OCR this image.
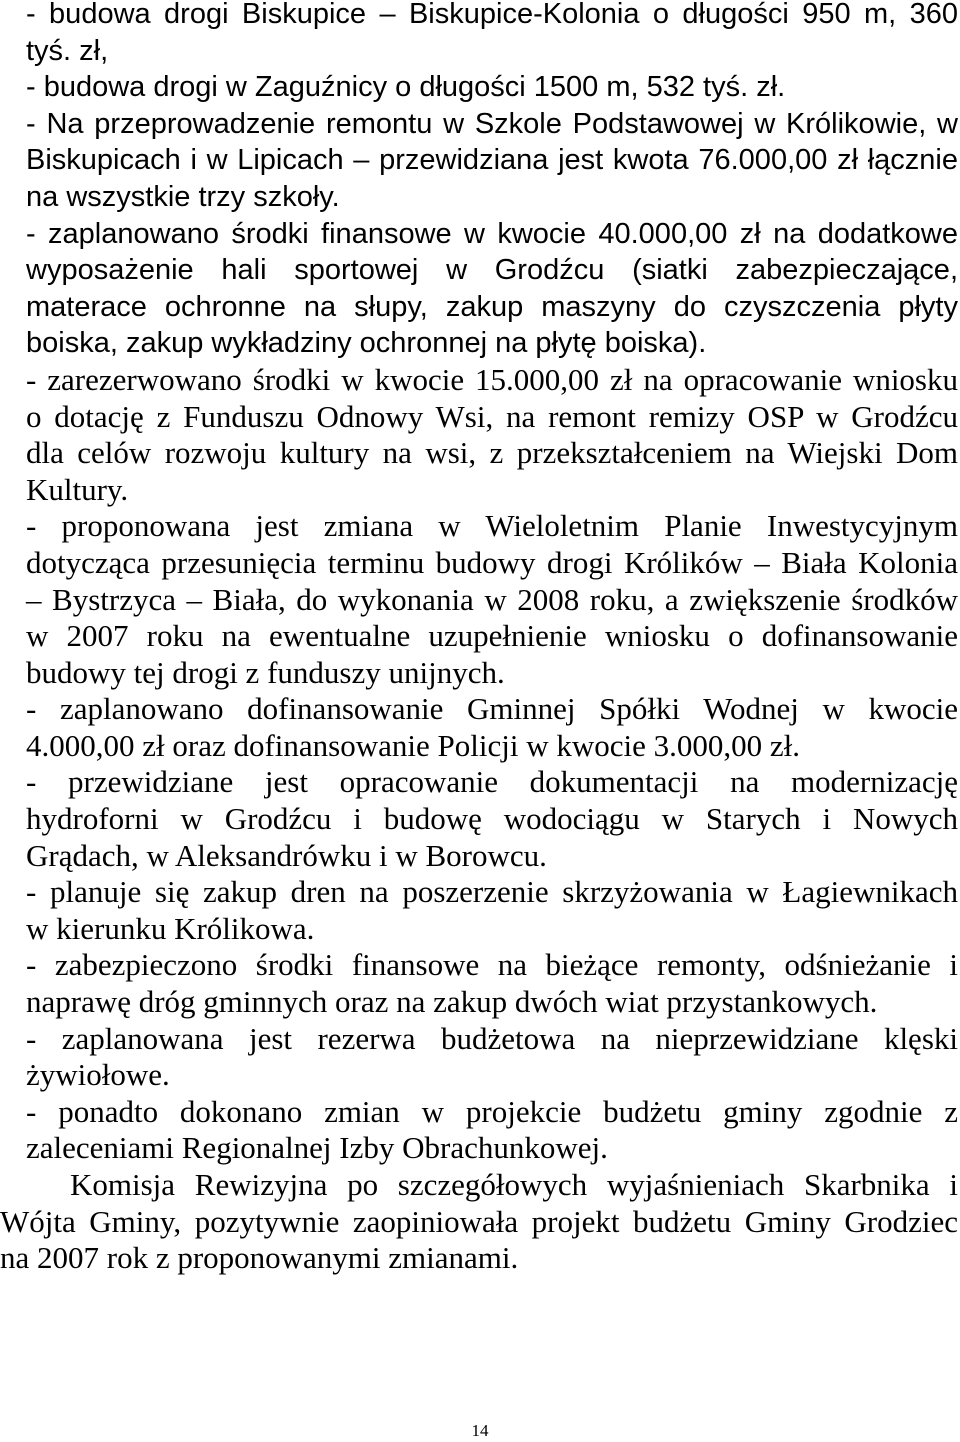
- budowa drogi Biskupice – Biskupice-Kolonia o długości 950 m, 360
tyś. zł,
- budowa drogi w Zaguźnicy o długości 1500 m, 532 tyś. zł.
- Na przeprowadzenie remontu w Szkole Podstawowej w Królikowie, w
Biskupicach i w Lipicach – przewidziana jest kwota 76.000,00 zł łącznie
na wszystkie trzy szkoły.
- zaplanowano środki finansowe w kwocie 40.000,00 zł na dodatkowe
wyposażenie hali sportowej w Grodźcu (siatki zabezpieczające,
materace ochronne na słupy, zakup maszyny do czyszczenia płyty
boiska, zakup wykładziny ochronnej na płytę boiska).
- zarezerwowano środki w kwocie 15.000,00 zł na opracowanie wniosku
o dotację z Funduszu Odnowy Wsi, na remont remizy OSP w Grodźcu
dla celów rozwoju kultury na wsi, z przekształceniem na Wiejski Dom
Kultury.
- proponowana jest zmiana w Wieloletnim Planie Inwestycyjnym
dotycząca przesunięcia terminu budowy drogi Królików – Biała Kolonia
– Bystrzyca – Biała, do wykonania w 2008 roku, a zwiększenie środków
w 2007 roku na ewentualne uzupełnienie wniosku o dofinansowanie
budowy tej drogi z funduszy unijnych.
- zaplanowano dofinansowanie Gminnej Spółki Wodnej w kwocie
4.000,00 zł oraz dofinansowanie Policji w kwocie 3.000,00 zł.
- przewidziane jest opracowanie dokumentacji na modernizację
hydroforni w Grodźcu i budowę wodociągu w Starych i Nowych
Grądach, w Aleksandrówku i w Borowcu.
- planuje się zakup dren na poszerzenie skrzyżowania w Łagiewnikach
w kierunku Królikowa.
- zabezpieczono środki finansowe na bieżące remonty, odśnieżanie i
naprawę dróg gminnych oraz na zakup dwóch wiat przystankowych.
- zaplanowana jest rezerwa budżetowa na nieprzewidziane klęski
żywiołowe.
- ponadto dokonano zmian w projekcie budżetu gminy zgodnie z
zaleceniami Regionalnej Izby Obrachunkowej.
Komisja Rewizyjna po szczegółowych wyjaśnieniach Skarbnika i
Wójta Gminy, pozytywnie zaopiniowała projekt budżetu Gminy Grodziec
na 2007 rok z proponowanymi zmianami.
14
